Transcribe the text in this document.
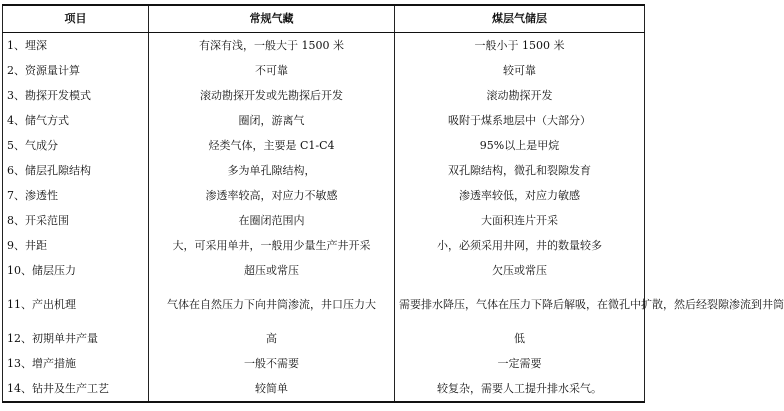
项目	常规气藏	煤层气储层
1、埋深	有深有浅，一般大于 1500 米	一般小于 1500 米
2、资源量计算	不可靠	较可靠
3、勘探开发模式	滚动勘探开发或先勘探后开发	滚动勘探开发
4、储气方式	圈闭，游离气	吸附于煤系地层中（大部分）
5、气成分	烃类气体，主要是 C1-C4	95%以上是甲烷
6、储层孔隙结构	多为单孔隙结构，	双孔隙结构，微孔和裂隙发育
7、渗透性	渗透率较高，对应力不敏感	渗透率较低，对应力敏感
8、开采范围	在圈闭范围内	大面积连片开采
9、井距	大，可采用单井，一般用少量生产井开采	小，必须采用井网，井的数量较多
10、储层压力	超压或常压	欠压或常压
11、产出机理	气体在自然压力下向井筒渗流，井口压力大	需要排水降压，气体在压力下降后解吸，在微孔中扩散，然后经裂隙渗流到井筒
12、初期单井产量	高	低
13、增产措施	一般不需要	一定需要
14、钻井及生产工艺	较简单	较复杂，需要人工提升排水采气。
